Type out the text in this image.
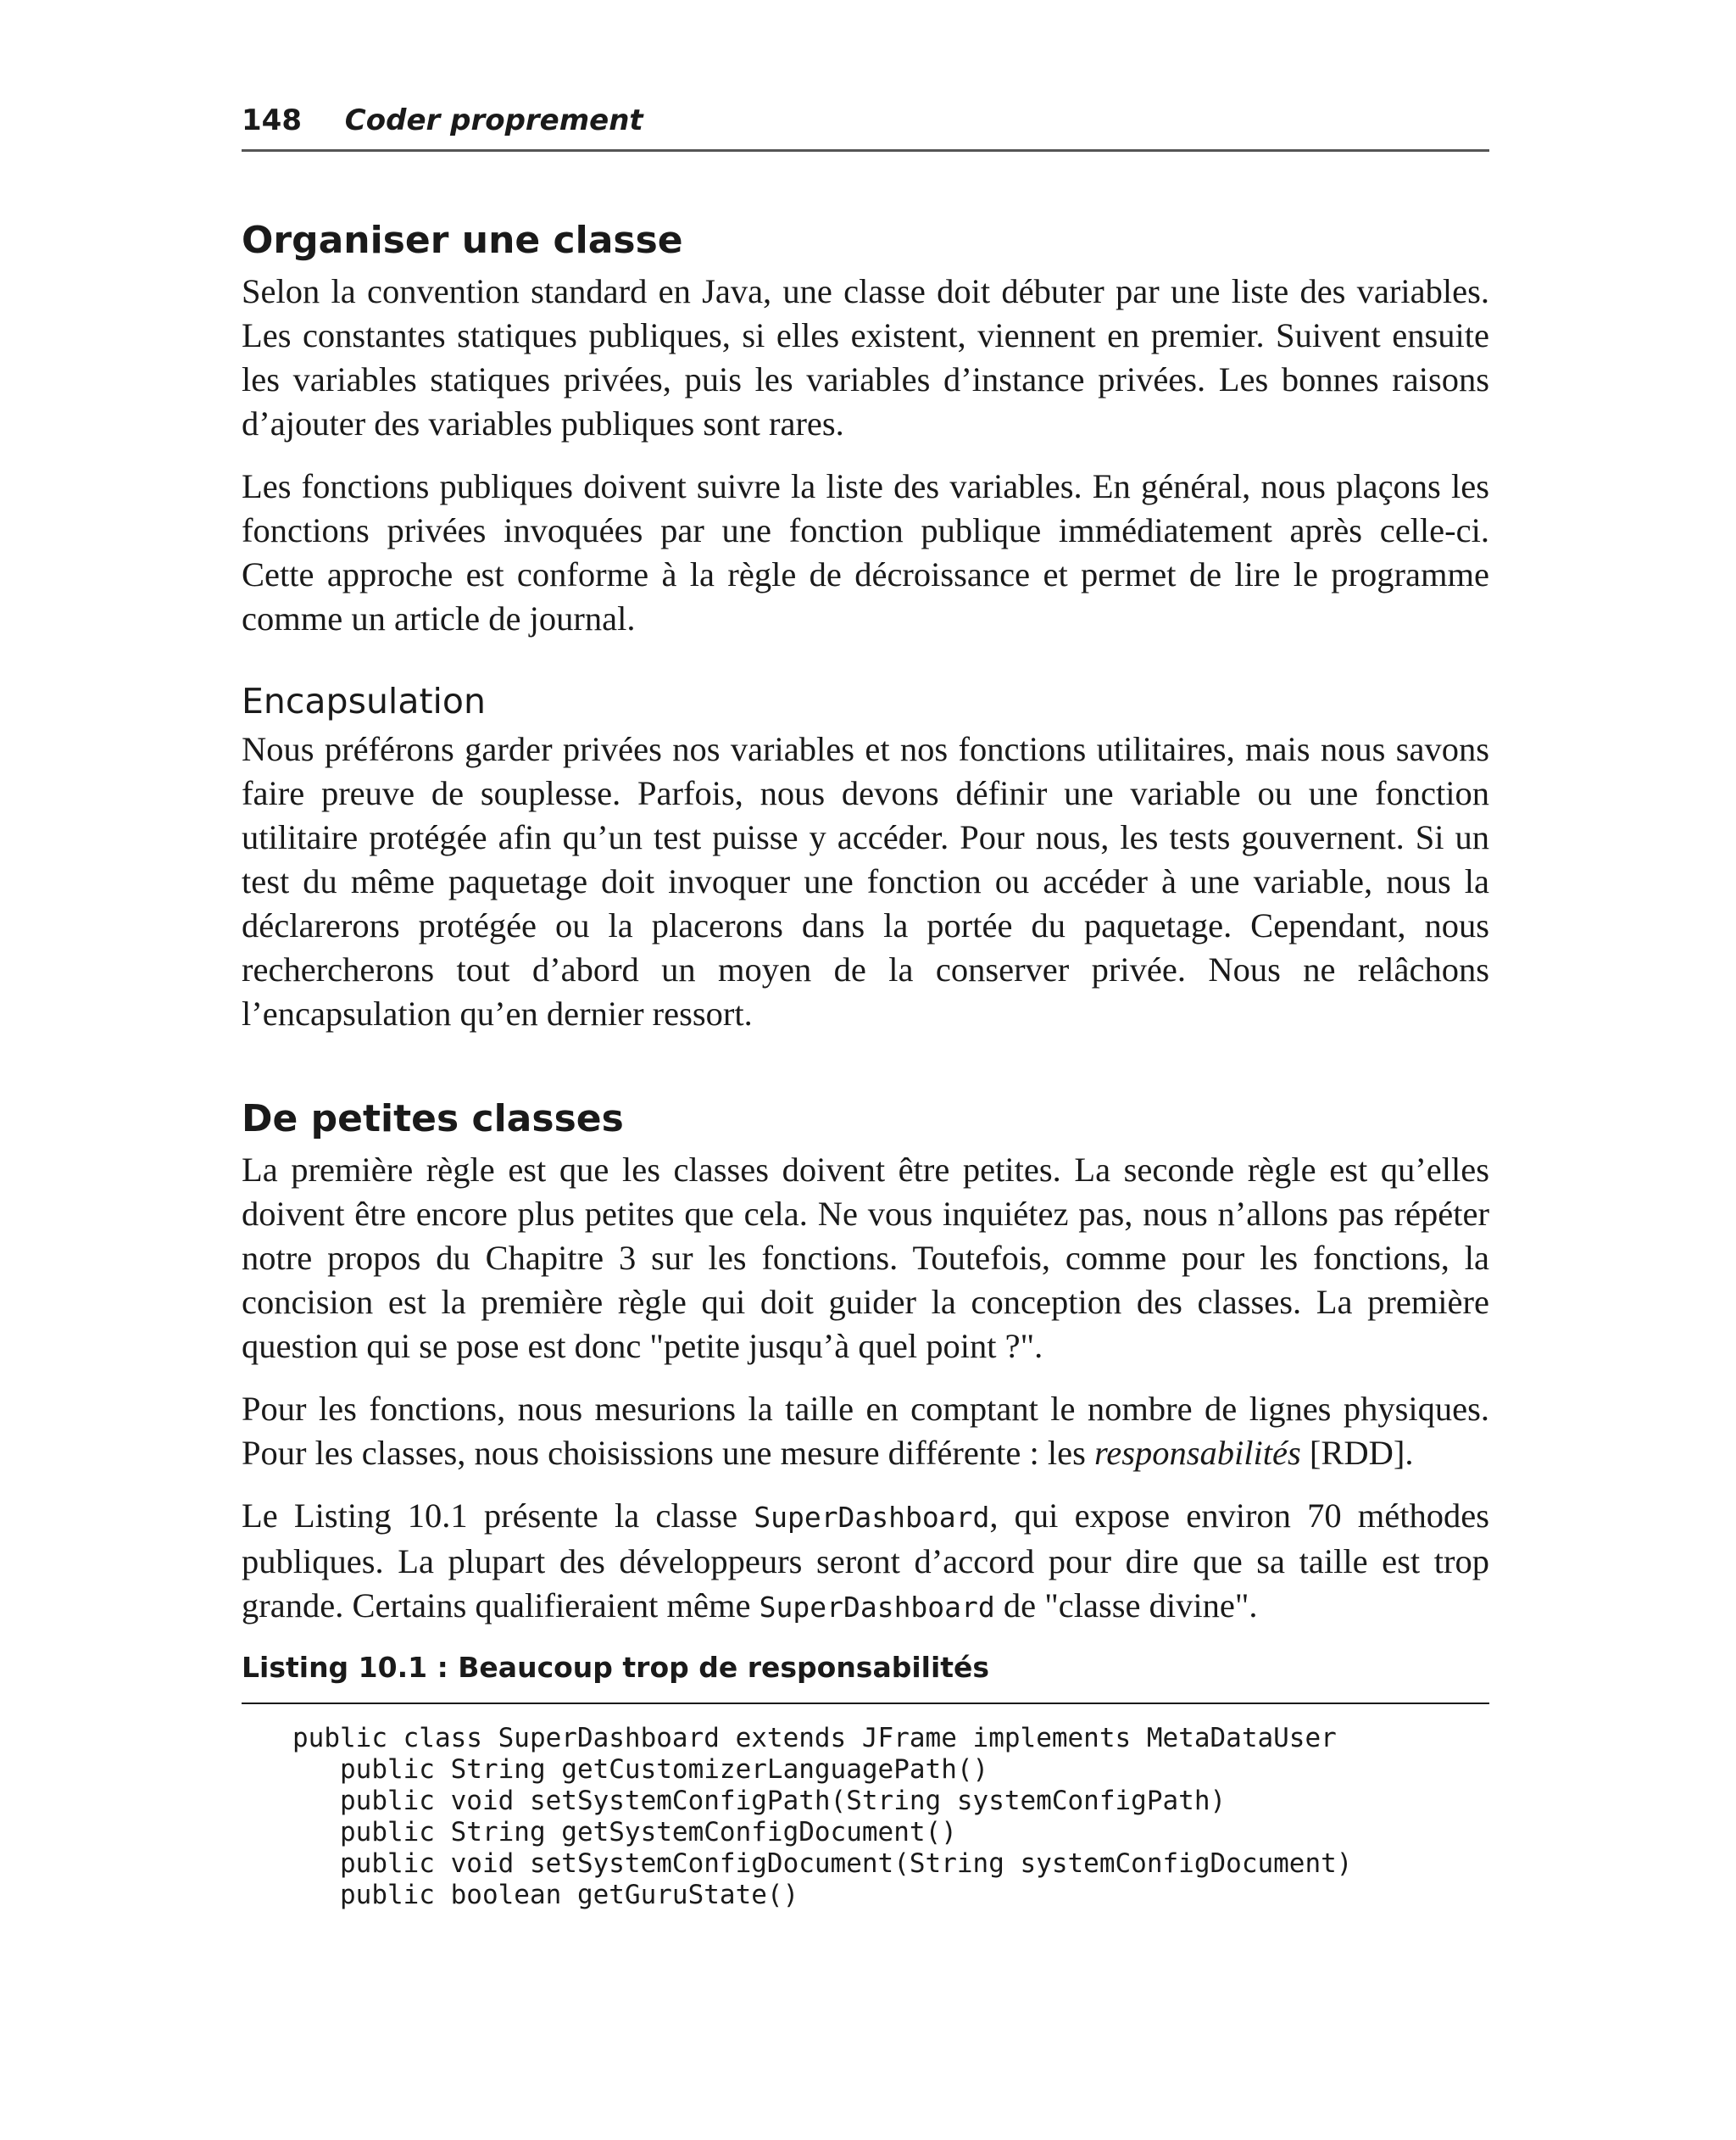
148 Coder proprement
Organiser une classe

Selon la convention standard en Java, une classe doit débuter par une liste des variables. Les constantes statiques publiques, si elles existent, viennent en premier. Suivent ensuite les variables statiques privées, puis les variables d’instance privées. Les bonnes raisons d’ajouter des variables publiques sont rares.

Les fonctions publiques doivent suivre la liste des variables. En général, nous plaçons les fonctions privées invoquées par une fonction publique immédiatement après celle-ci. Cette approche est conforme à la règle de décroissance et permet de lire le programme comme un article de journal.

Encapsulation

Nous préférons garder privées nos variables et nos fonctions utilitaires, mais nous savons faire preuve de souplesse. Parfois, nous devons définir une variable ou une fonction utilitaire protégée afin qu’un test puisse y accéder. Pour nous, les tests gouvernent. Si un test du même paquetage doit invoquer une fonction ou accéder à une variable, nous la déclarerons protégée ou la placerons dans la portée du paquetage. Cependant, nous rechercherons tout d’abord un moyen de la conserver privée. Nous ne relâchons l’encapsulation qu’en dernier ressort.

De petites classes

La première règle est que les classes doivent être petites. La seconde règle est qu’elles doivent être encore plus petites que cela. Ne vous inquiétez pas, nous n’allons pas répéter notre propos du Chapitre 3 sur les fonctions. Toutefois, comme pour les fonctions, la concision est la première règle qui doit guider la conception des classes. La première question qui se pose est donc "petite jusqu’à quel point ?".

Pour les fonctions, nous mesurions la taille en comptant le nombre de lignes physiques. Pour les classes, nous choisissions une mesure différente : les responsabilités [RDD].

Le Listing 10.1 présente la classe SuperDashboard, qui expose environ 70 méthodes publiques. La plupart des développeurs seront d’accord pour dire que sa taille est trop grande. Certains qualifieraient même SuperDashboard de "classe divine".

Listing 10.1 : Beaucoup trop de responsabilités
public class SuperDashboard extends JFrame implements MetaDataUser
public String getCustomizerLanguagePath()
public void setSystemConfigPath(String systemConfigPath)
public String getSystemConfigDocument()
public void setSystemConfigDocument(String systemConfigDocument)
public boolean getGuruState()
